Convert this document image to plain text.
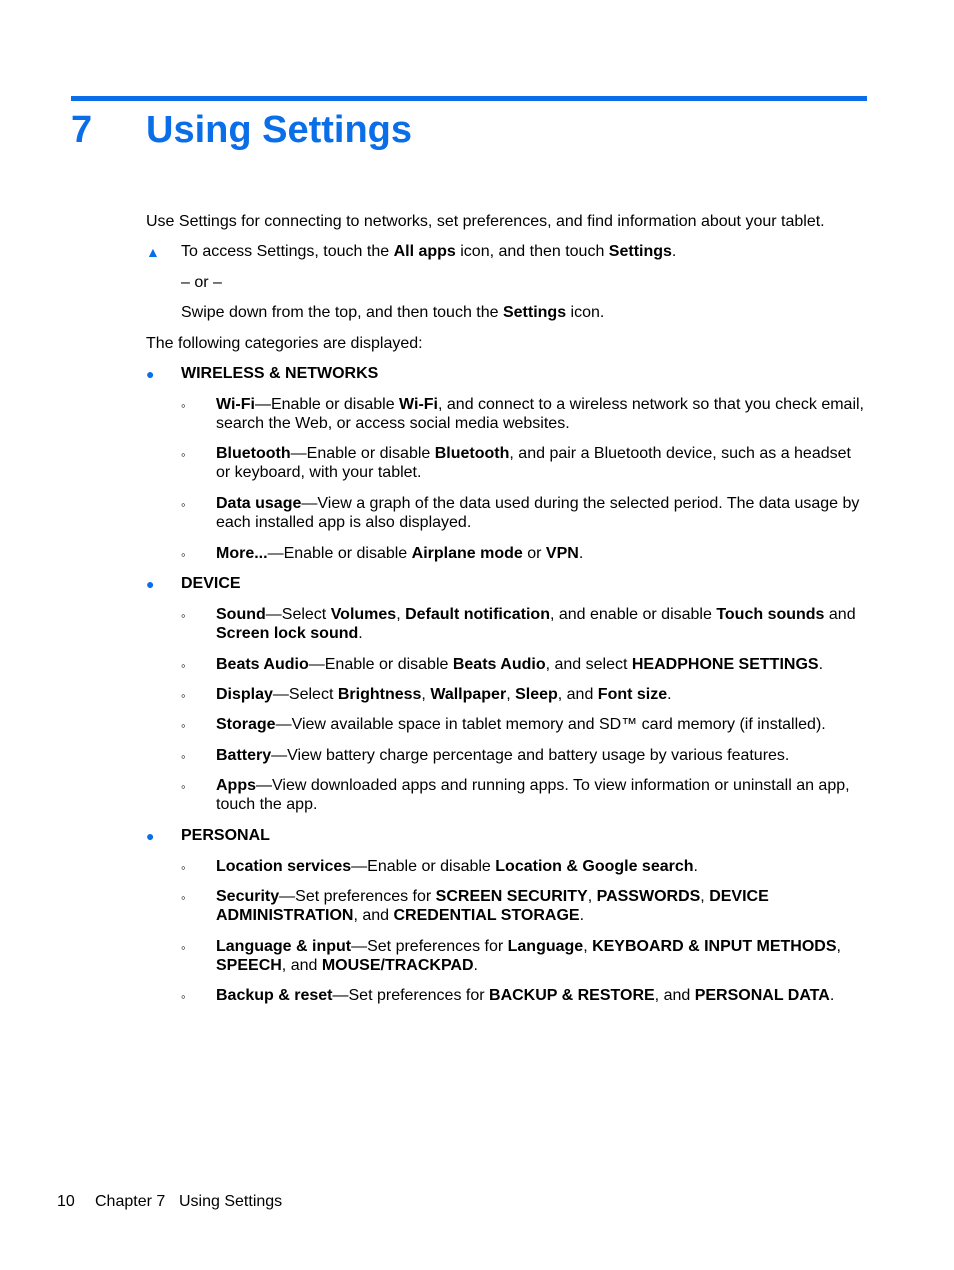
7 Using Settings
Use Settings for connecting to networks, set preferences, and find information about your tablet.
▲ To access Settings, touch the All apps icon, and then touch Settings.
– or –
Swipe down from the top, and then touch the Settings icon.
The following categories are displayed:
● WIRELESS & NETWORKS
◦ Wi-Fi—Enable or disable Wi-Fi, and connect to a wireless network so that you check email,
search the Web, or access social media websites.
◦ Bluetooth—Enable or disable Bluetooth, and pair a Bluetooth device, such as a headset
or keyboard, with your tablet.
◦ Data usage—View a graph of the data used during the selected period. The data usage by
each installed app is also displayed.
◦ More...—Enable or disable Airplane mode or VPN.
● DEVICE
◦ Sound—Select Volumes, Default notification, and enable or disable Touch sounds and
Screen lock sound.
◦ Beats Audio—Enable or disable Beats Audio, and select HEADPHONE SETTINGS.
◦ Display—Select Brightness, Wallpaper, Sleep, and Font size.
◦ Storage—View available space in tablet memory and SD™ card memory (if installed).
◦ Battery—View battery charge percentage and battery usage by various features.
◦ Apps—View downloaded apps and running apps. To view information or uninstall an app,
touch the app.
● PERSONAL
◦ Location services—Enable or disable Location & Google search.
◦ Security—Set preferences for SCREEN SECURITY, PASSWORDS, DEVICE
ADMINISTRATION, and CREDENTIAL STORAGE.
◦ Language & input—Set preferences for Language, KEYBOARD & INPUT METHODS,
SPEECH, and MOUSE/TRACKPAD.
◦ Backup & reset—Set preferences for BACKUP & RESTORE, and PERSONAL DATA.
10 Chapter 7 Using Settings
